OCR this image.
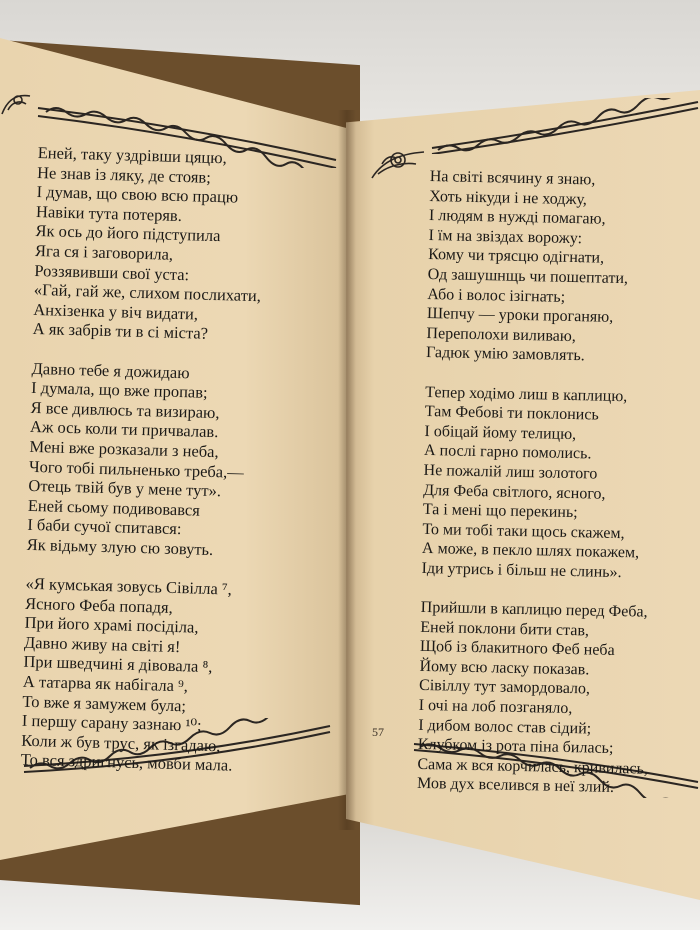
Еней, таку уздрівши цяцю,
Не знав із ляку, де стояв;
І думав, що свою всю працю
Навіки тута потеряв.
Як ось до його підступила
Яга ся і заговорила,
Роззявивши свої уста:
«Гай, гай же, слихом послихати,
Анхізенка у віч видати,
А як забрів ти в сі міста?
Давно тебе я дожидаю
І думала, що вже пропав;
Я все дивлюсь та визираю,
Аж ось коли ти причвалав.
Мені вже розказали з неба,
Чого тобі пильненько треба,—
Отець твій був у мене тут».
Еней сьому подивовався
І баби сучої спитався:
Як відьму злую сю зовуть.
«Я кумськая зовусь Сівілла ⁷,
Ясного Феба попадя,
При його храмі посіділа,
Давно живу на світі я!
При шведчині я дівовала ⁸,
А татарва як набігала ⁹,
То вже я замужем була;
І першу сарану зазнаю ¹⁰;
Коли ж був трус, як ізгадаю,
То вся здригнусь, мовби мала.
На світі всячину я знаю,
Хоть нікуди і не ходжу,
І людям в нужді помагаю,
І їм на звіздах ворожу:
Кому чи трясцю одігнати,
Од зашушнщь чи пошептати,
Або і волос ізігнать;
Шепчу — уроки проганяю,
Переполохи виливаю,
Гадюк умію замовлять.
Тепер ходімо лиш в каплицю,
Там Фебові ти поклонись
І обіцай йому телицю,
А послі гарно помолись.
Не пожалій лиш золотого
Для Феба світлого, ясного,
Та і мені що перекинь;
То ми тобі таки щось скажем,
А може, в пекло шлях покажем,
Іди утрись і більш не слинь».
Прийшли в каплицю перед Феба,
Еней поклони бити став,
Щоб із блакитного Феб неба
Йому всю ласку показав.
Сівіллу тут замордовало,
І очі на лоб позганяло,
І дибом волос став сідий;
Клубком із рота піна билась;
Сама ж вся корчилась, кривилась,
Мов дух вселився в неї злий.
57
